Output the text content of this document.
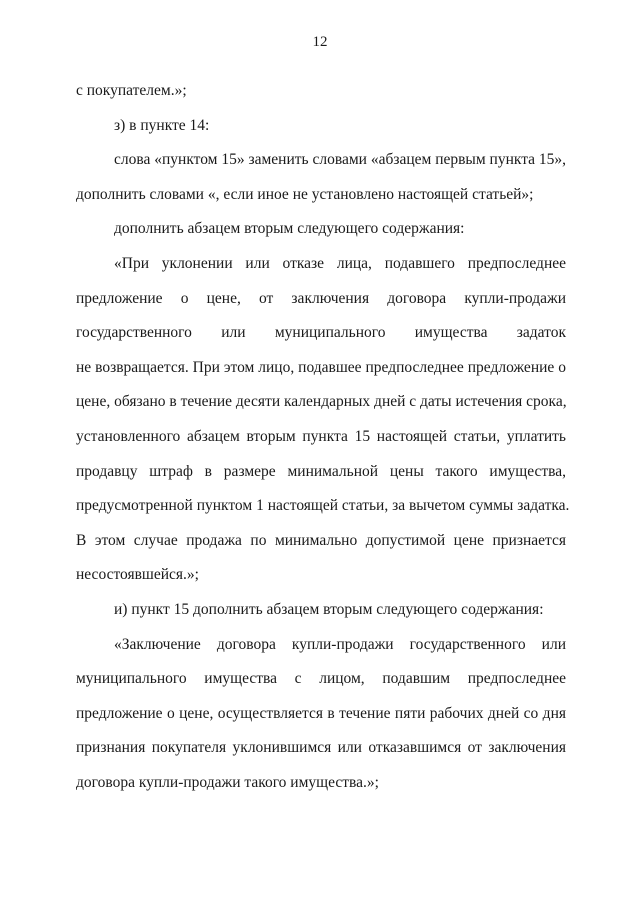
12
с покупателем.»;
з) в пункте 14:
слова «пунктом 15» заменить словами «абзацем первым пункта 15»,
дополнить словами «, если иное не установлено настоящей статьей»;
дополнить абзацем вторым следующего содержания:
«При уклонении или отказе лица, подавшего предпоследнее
предложение о цене, от заключения договора купли-продажи
государственного или муниципального имущества задаток
не возвращается. При этом лицо, подавшее предпоследнее предложение о
цене, обязано в течение десяти календарных дней с даты истечения срока,
установленного абзацем вторым пункта 15 настоящей статьи, уплатить
продавцу штраф в размере минимальной цены такого имущества,
предусмотренной пунктом 1 настоящей статьи, за вычетом суммы задатка.
В этом случае продажа по минимально допустимой цене признается
несостоявшейся.»;
и) пункт 15 дополнить абзацем вторым следующего содержания:
«Заключение договора купли-продажи государственного или
муниципального имущества с лицом, подавшим предпоследнее
предложение о цене, осуществляется в течение пяти рабочих дней со дня
признания покупателя уклонившимся или отказавшимся от заключения
договора купли-продажи такого имущества.»;
